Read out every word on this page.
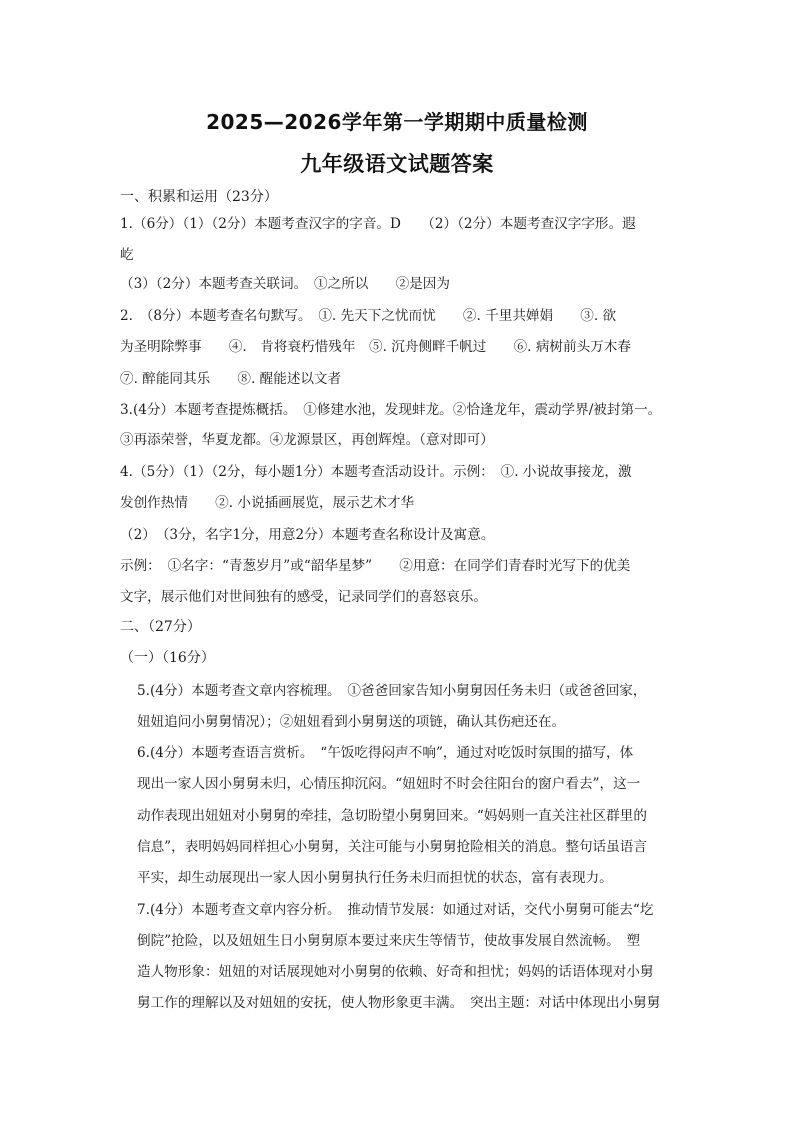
2025—2026学年第一学期期中质量检测
九年级语文试题答案
一、积累和运用（23分）
1.（6分）（1）（2分）本题考查汉字的字音。D　　（2）（2分）本题考查汉字字形。遐
屹
（3）（2分）本题考查关联词。　①之所以　　②是因为
2.　（8分）本题考查名句默写。　①. 先天下之忧而忧　　②. 千里共婵娟　　③. 欲
为圣明除弊事　　④.　肯将衰朽惜残年　⑤. 沉舟侧畔千帆过　　⑥. 病树前头万木春
⑦. 醉能同其乐　　⑧. 醒能述以文者
3.(4分）本题考查提炼概括。　①修建水池，发现蚌龙。②恰逢龙年，震动学界/被封第一。
③再添荣誉，华夏龙都。④龙源景区，再创辉煌。（意对即可）
4.（5分）（1）（2分，每小题1分）本题考查活动设计。示例：　①. 小说故事接龙，激
发创作热情　　②. 小说插画展览，展示艺术才华
（2）　（3分，名字1分，用意2分）本题考查名称设计及寓意。
示例：　①名字：“青葱岁月”或“韶华星梦”　　②用意：在同学们青春时光写下的优美
文字，展示他们对世间独有的感受，记录同学们的喜怒哀乐。
二、（27分）
（一）（16分）
5.(4分）本题考查文章内容梳理。　①爸爸回家告知小舅舅因任务未归（或爸爸回家，
妞妞追问小舅舅情况）；②妞妞看到小舅舅送的项链，确认其伤疤还在。
6.(4分）本题考查语言赏析。　“午饭吃得闷声不响”，通过对吃饭时氛围的描写，体
现出一家人因小舅舅未归，心情压抑沉闷。“妞妞时不时会往阳台的窗户看去”，这一
动作表现出妞妞对小舅舅的牵挂，急切盼望小舅舅回来。“妈妈则一直关注社区群里的
信息”，表明妈妈同样担心小舅舅，关注可能与小舅舅抢险相关的消息。整句话虽语言
平实，却生动展现出一家人因小舅舅执行任务未归而担忧的状态，富有表现力。
7.(4分）本题考查文章内容分析。　推动情节发展：如通过对话，交代小舅舅可能去“圪
倒院”抢险，以及妞妞生日小舅舅原本要过来庆生等情节，使故事发展自然流畅。　塑
造人物形象：妞妞的对话展现她对小舅舅的依赖、好奇和担忧；妈妈的话语体现对小舅
舅工作的理解以及对妞妞的安抚，使人物形象更丰满。　突出主题：对话中体现出小舅舅
